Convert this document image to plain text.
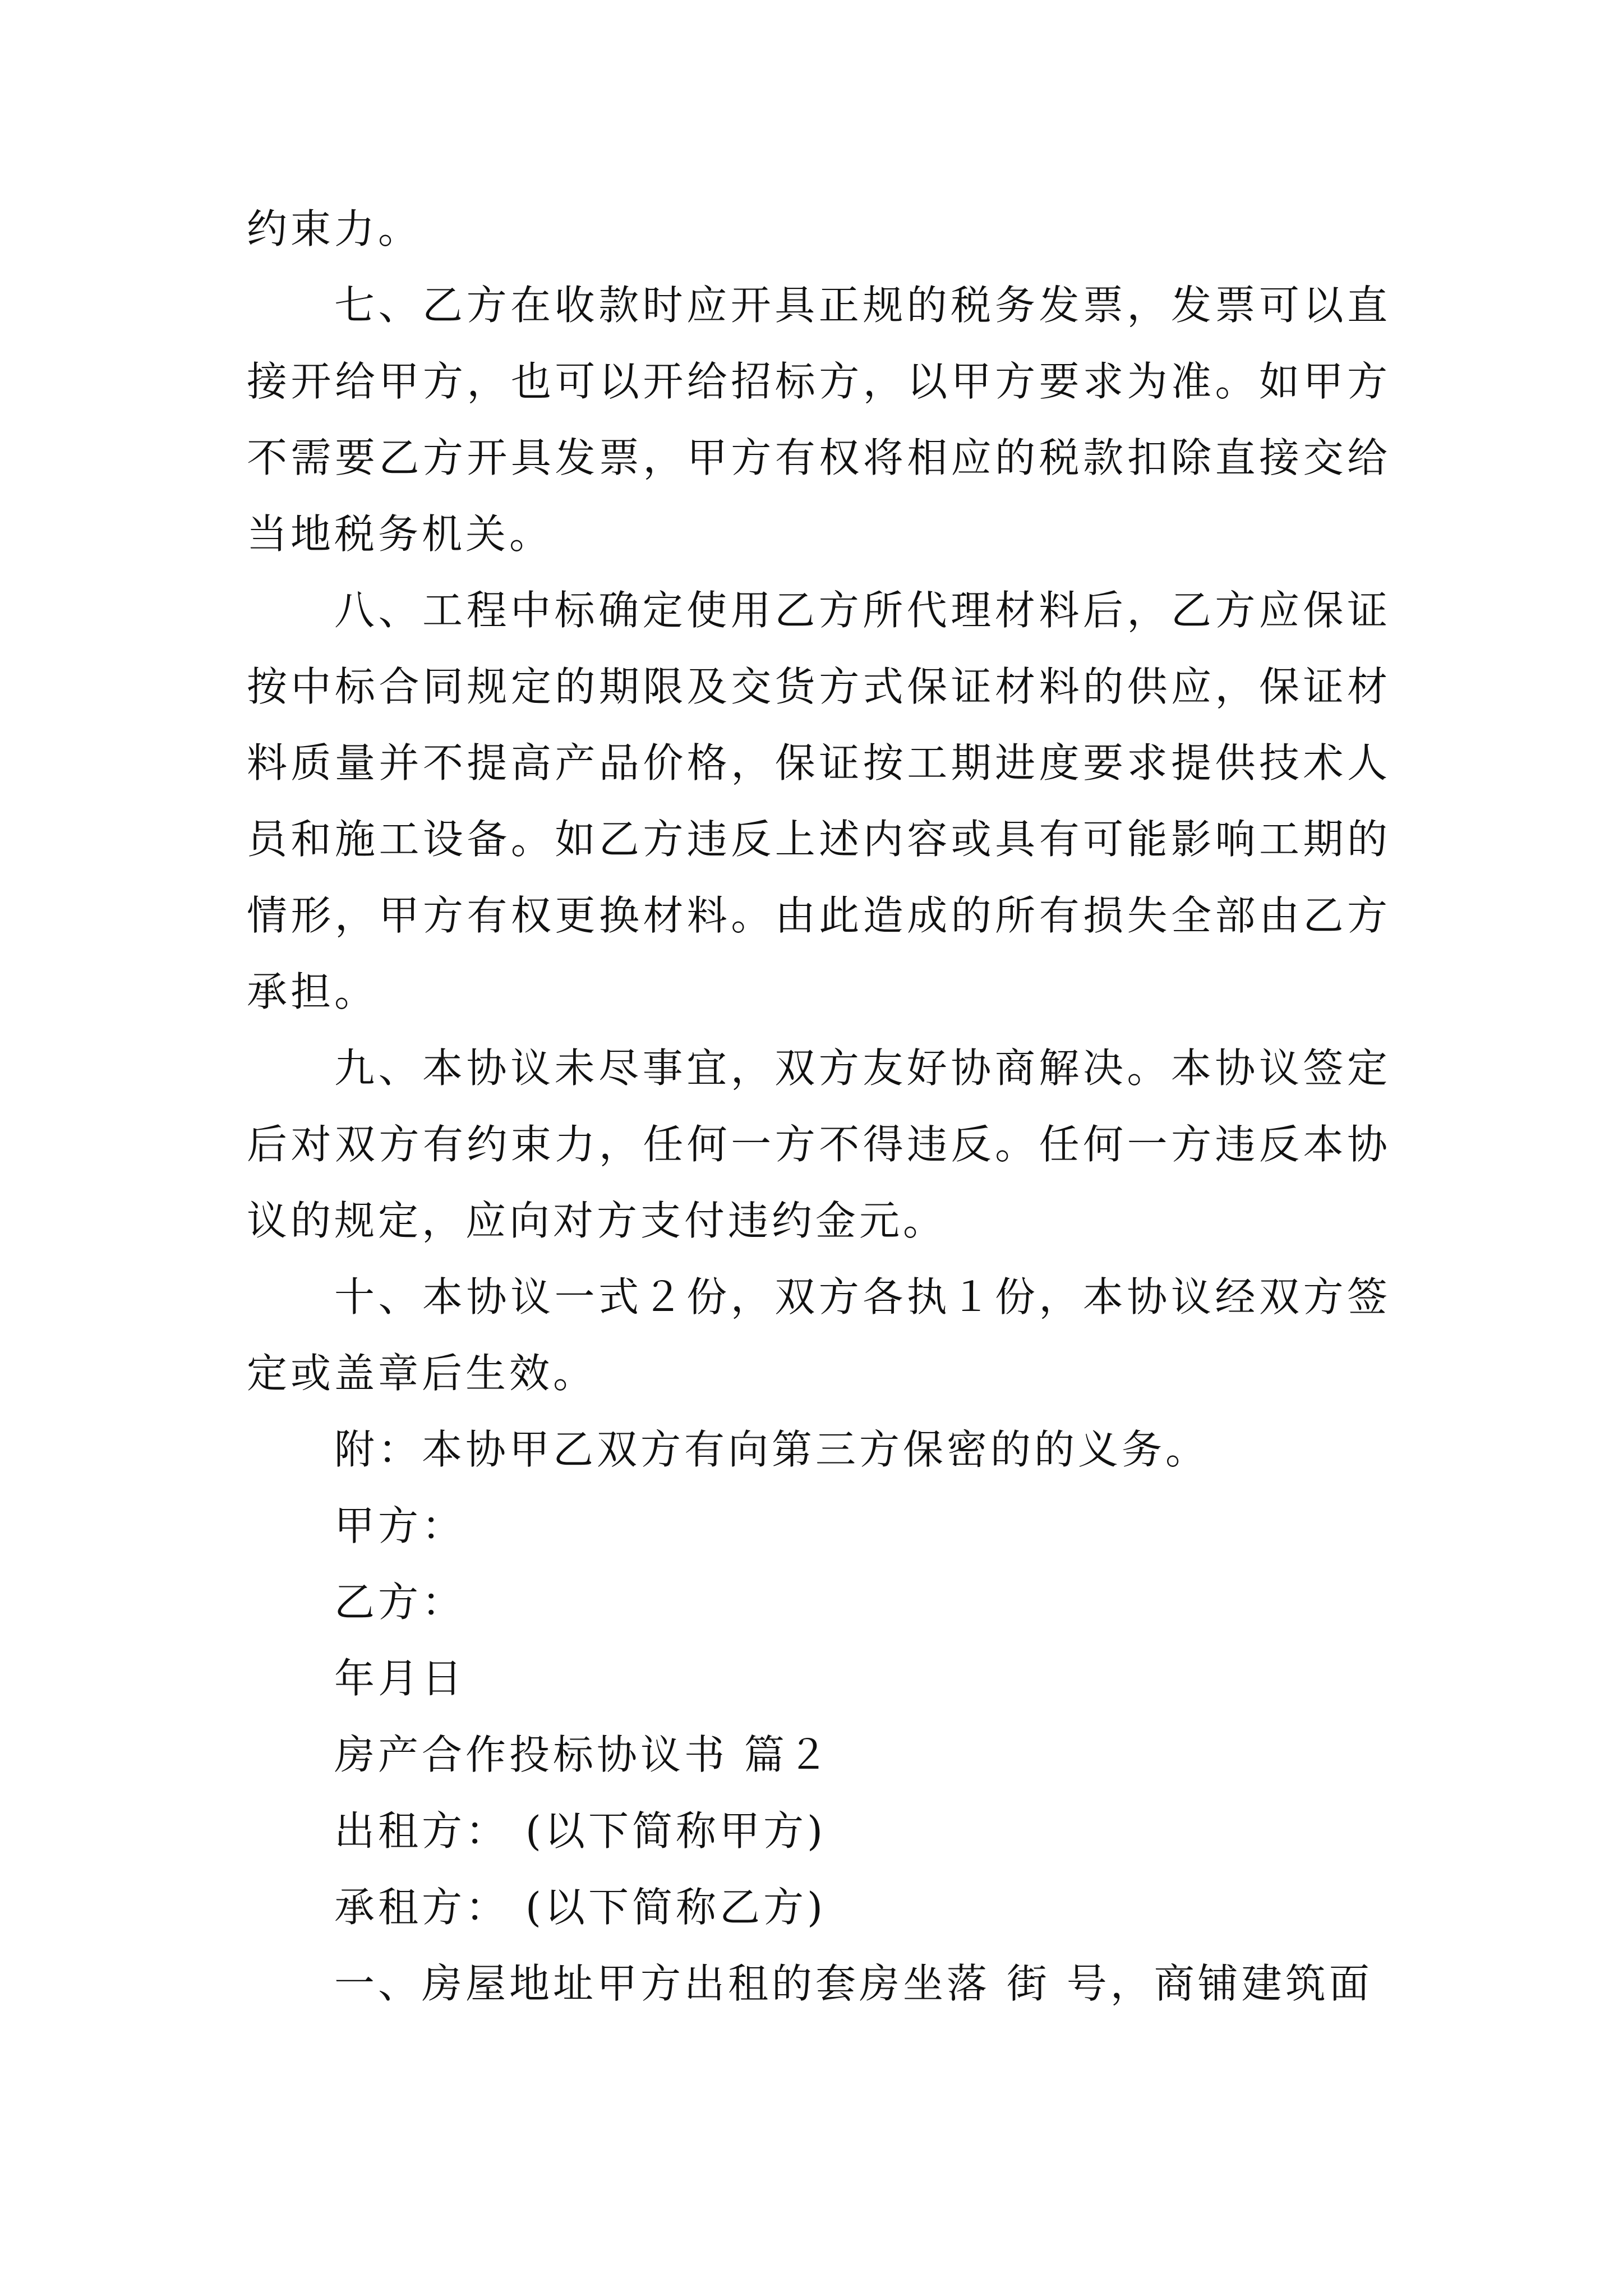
约束力。
七、乙方在收款时应开具正规的税务发票，发票可以直接开给甲方，也可以开给招标方，以甲方要求为准。如甲方不需要乙方开具发票，甲方有权将相应的税款扣除直接交给当地税务机关。
八、工程中标确定使用乙方所代理材料后，乙方应保证按中标合同规定的期限及交货方式保证材料的供应，保证材料质量并不提高产品价格，保证按工期进度要求提供技术人员和施工设备。如乙方违反上述内容或具有可能影响工期的情形，甲方有权更换材料。由此造成的所有损失全部由乙方承担。
九、本协议未尽事宜，双方友好协商解决。本协议签定后对双方有约束力，任何一方不得违反。任何一方违反本协议的规定，应向对方支付违约金元。
十、本协议一式２份，双方各执１份，本协议经双方签定或盖章后生效。
附：本协甲乙双方有向第三方保密的的义务。
甲方：
乙方：
年月日
房产合作投标协议书 篇２
出租方： (以下简称甲方)
承租方： (以下简称乙方)
一、房屋地址甲方出租的套房坐落 街 号，商铺建筑面
